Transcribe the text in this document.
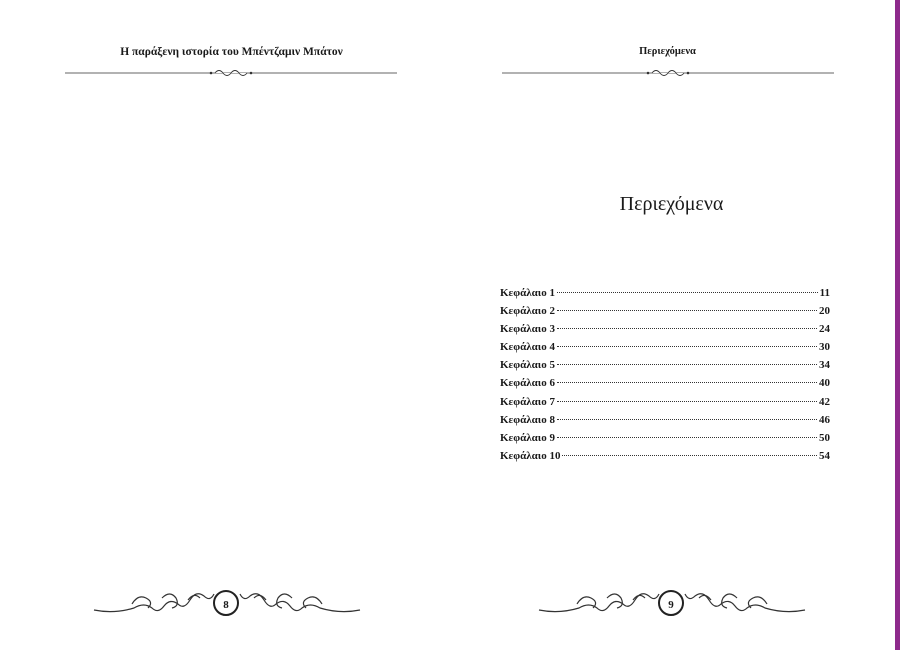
Η παράξενη ιστορία του Μπέντζαμιν Μπάτον
8
Περιεχόμενα
Περιεχόμενα
Κεφάλαιο 1	11
Κεφάλαιο 2	20
Κεφάλαιο 3	24
Κεφάλαιο 4	30
Κεφάλαιο 5	34
Κεφάλαιο 6	40
Κεφάλαιο 7	42
Κεφάλαιο 8	46
Κεφάλαιο 9	50
Κεφάλαιο 10	54
9
